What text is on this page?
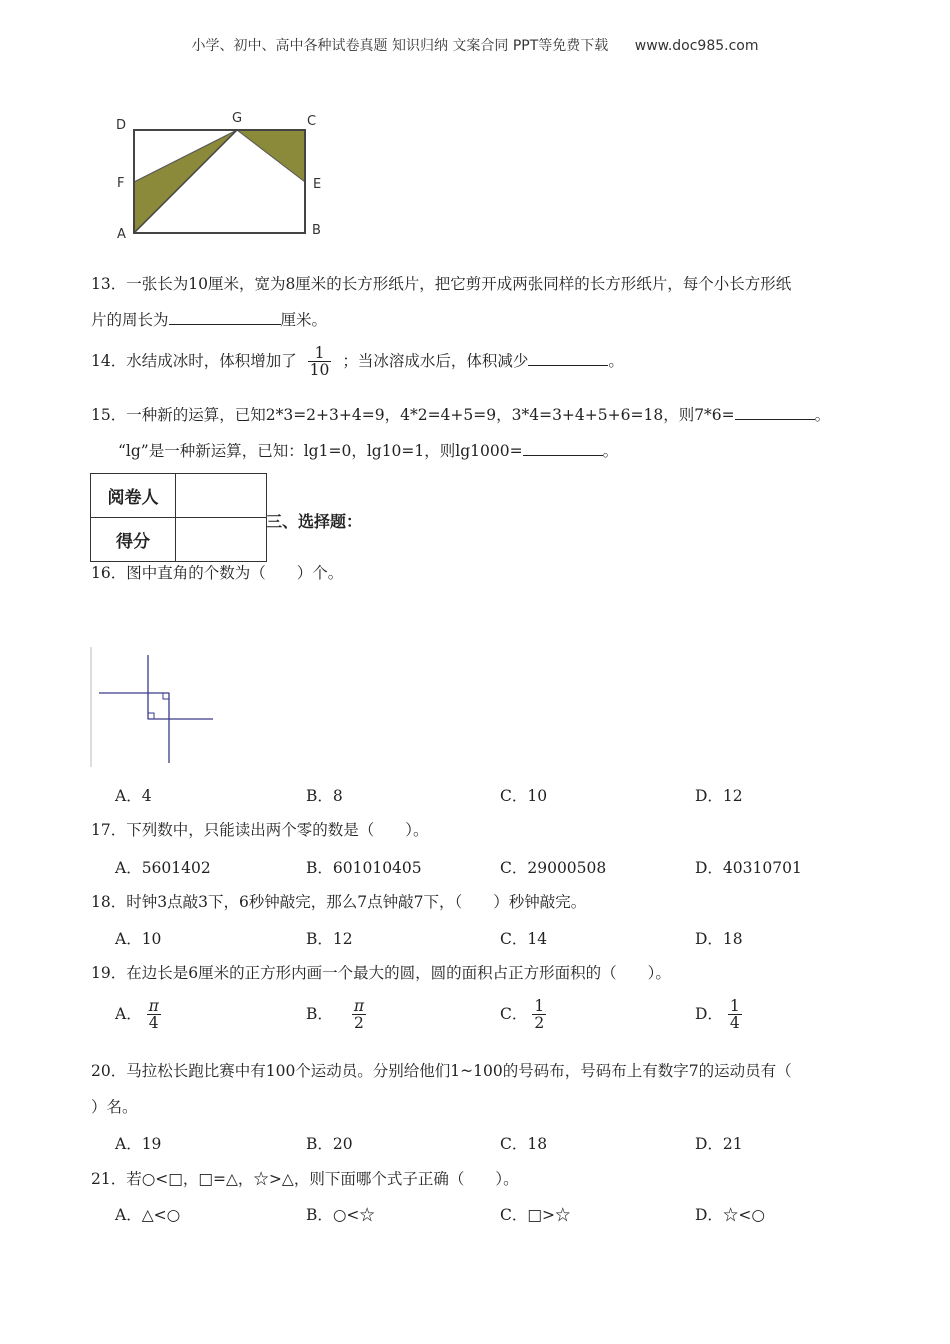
小学、初中、高中各种试卷真题 知识归纳 文案合同 PPT等免费下载 www.doc985.com
D	G	C
F	E
A	B
13．一张长为10厘米，宽为8厘米的长方形纸片，把它剪开成两张同样的长方形纸片，每个小长方形纸
片的周长为	厘米。
14．水结成冰时，体积增加了 $\frac{1}{10}$ ；当冰溶成水后，体积减少	。
15．一种新的运算，已知2*3=2+3+4=9，4*2=4+5=9，3*4=3+4+5+6=18，则7*6=	。
“lg”是一种新运算，已知：lg1=0，lg10=1，则lg1000=	。
阅卷人	
得分	
三、选择题：
16．图中直角的个数为（　　）个。
A．4	B．8	C．10	D．12
17．下列数中，只能读出两个零的数是（　　）。
A．5601402	B．601010405	C．29000508	D．40310701
18．时钟3点敲3下，6秒钟敲完，那么7点钟敲7下，（　　）秒钟敲完。
A．10	B．12	C．14	D．18
19．在边长是6厘米的正方形内画一个最大的圆，圆的面积占正方形面积的（　　）。
A． $\frac{\pi}{4}$	B． $\frac{\pi}{2}$	C． $\frac{1}{2}$	D． $\frac{1}{4}$
20．马拉松长跑比赛中有100个运动员。分别给他们1~100的号码布，号码布上有数字7的运动员有（
）名。
A．19	B．20	C．18	D．21
21．若○<□，□=△，☆>△，则下面哪个式子正确（　　）。
A．△<○	B．○<☆	C．□>☆	D．☆<○
